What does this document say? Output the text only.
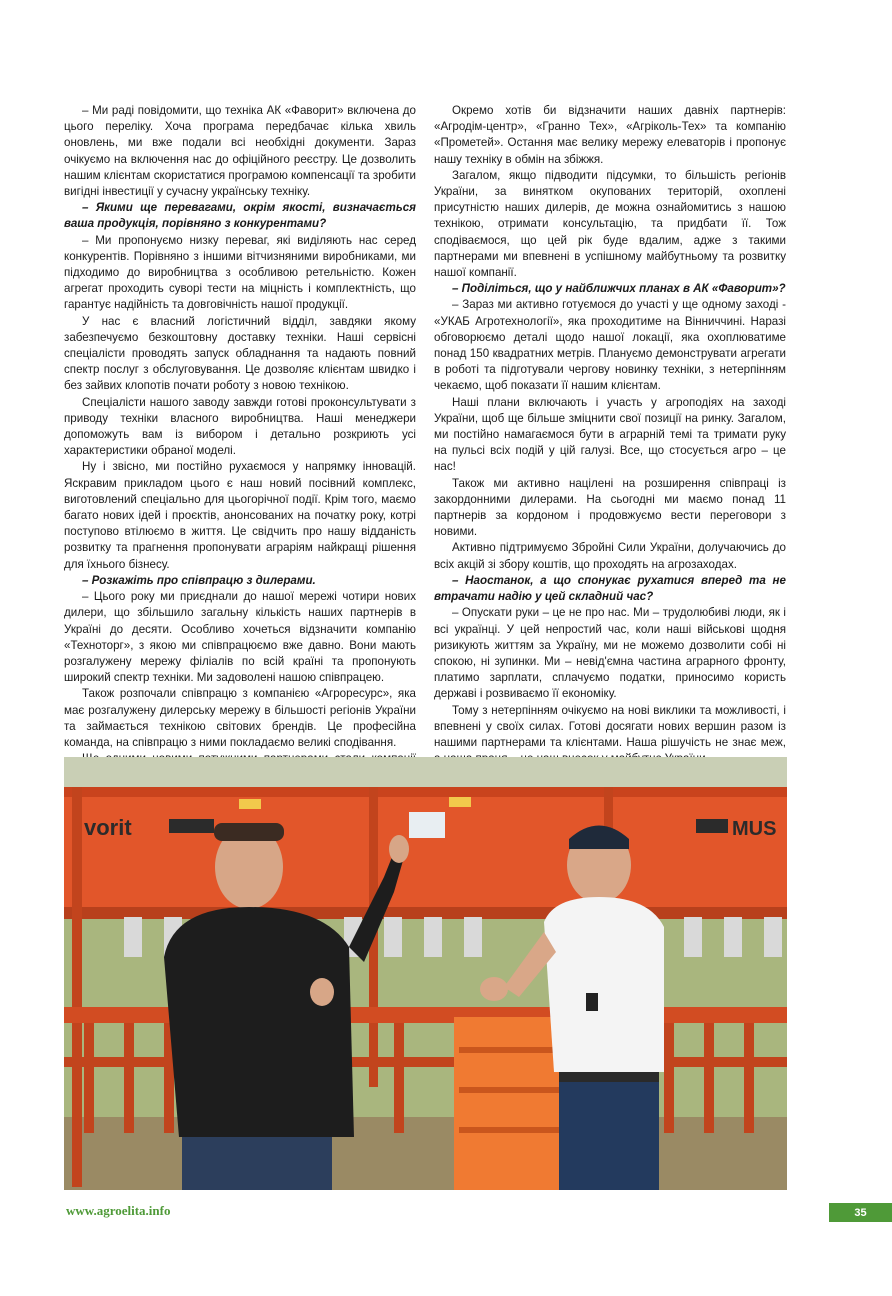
– Ми раді повідомити, що техніка АК «Фаворит» включена до цього переліку. Хоча програма передбачає кілька хвиль оновлень, ми вже подали всі необхідні документи. Зараз очікуємо на включення нас до офіційного реєстру. Це дозволить нашим клієнтам скористатися програмою компенсації та зробити вигідні інвестиції у сучасну українську техніку.

– Якими ще перевагами, окрім якості, визначається ваша продукція, порівняно з конкурентами?

– Ми пропонуємо низку переваг, які виділяють нас серед конкурентів. Порівняно з іншими вітчизняними виробниками, ми підходимо до виробництва з особливою ретельністю. Кожен агрегат проходить суворі тести на міцність і комплектність, що гарантує надійність та довговічність нашої продукції.

У нас є власний логістичний відділ, завдяки якому забезпечуємо безкоштовну доставку техніки. Наші сервісні спеціалісти проводять запуск обладнання та надають повний спектр послуг з обслуговування. Це дозволяє клієнтам швидко і без зайвих клопотів почати роботу з новою технікою.

Спеціалісти нашого заводу завжди готові проконсультувати з приводу техніки власного виробництва. Наші менеджери допоможуть вам із вибором і детально розкриють усі характеристики обраної моделі.

Ну і звісно, ми постійно рухаємося у напрямку інновацій. Яскравим прикладом цього є наш новий посівний комплекс, виготовлений спеціально для цьогорічної події. Крім того, маємо багато нових ідей і проєктів, анонсованих на початку року, котрі поступово втілюємо в життя. Це свідчить про нашу відданість розвитку та прагнення пропонувати аграріям найкращі рішення для їхнього бізнесу.

– Розкажіть про співпрацю з дилерами.

– Цього року ми приєднали до нашої мережі чотири нових дилери, що збільшило загальну кількість наших партнерів в Україні до десяти. Особливо хочеться відзначити компанію «Техноторг», з якою ми співпрацюємо вже давно. Вони мають розгалужену мережу філіалів по всій країні та пропонують широкий спектр техніки. Ми задоволені нашою співпрацею.

Також розпочали співпрацю з компанією «Агроресурс», яка має розгалужену дилерську мережу в більшості регіонів України та займається технікою світових брендів. Це професійна команда, на співпрацю з ними покладаємо великі сподівання.

Окремо хотів би відзначити наших давніх партнерів: «Агродім-центр», «Гранно Тех», «Агріколь-Тех» та компанію «Прометей». Остання має велику мережу елеваторів і пропонує нашу техніку в обмін на збіжжя.

Загалом, якщо підводити підсумки, то більшість регіонів України, за винятком окупованих територій, охоплені присутністю наших дилерів, де можна ознайомитись з нашою технікою, отримати консультацію, та придбати її. Тож сподіваємося, що цей рік буде вдалим, адже з такими партнерами ми впевнені в успішному майбутньому та розвитку нашої компанії.

– Поділіться, що у найближчих планах в АК «Фаворит»?

– Зараз ми активно готуємося до участі у ще одному заході - «УКАБ Агротехнології», яка проходитиме на Вінниччині. Наразі обговорюємо деталі щодо нашої локації, яка охоплюватиме понад 150 квадратних метрів. Плануємо демонструвати агрегати в роботі та підготували чергову новинку техніки, з нетерпінням чекаємо, щоб показати її нашим клієнтам.

Наші плани включають і участь у агроподіях на заході України, щоб ще більше зміцнити свої позиції на ринку. Загалом, ми постійно намагаємося бути в аграрній темі та тримати руку на пульсі всіх подій у цій галузі. Все, що стосується агро – це нас!

Також ми активно націлені на розширення співпраці із закордонними дилерами. На сьогодні ми маємо понад 11 партнерів за кордоном і продовжуємо вести переговори з новими.

Активно підтримуємо Збройні Сили України, долучаючись до всіх акцій зі збору коштів, що проходять на агрозаходах.

– Наостанок, а що спонукає рухатися вперед та не втрачати надію у цей складний час?

– Опускати руки – це не про нас. Ми – трудолюбиві люди, як і всі українці. У цей непростий час, коли наші військові щодня ризикують життям за Україну, ми не можемо дозволити собі ні спокою, ні зупинки. Ми – невід'ємна частина аграрного фронту, платимо зарплати, сплачуємо податки, приносимо користь державі і розвиваємо її економіку.

Тому з нетерпінням очікуємо на нові виклики та можливості, і впевнені у своїх силах. Готові досягати нових вершин разом із нашими партнерами та клієнтами. Наша рішучість не знає меж,

vorit	MUS
www.agroelita.info	35
